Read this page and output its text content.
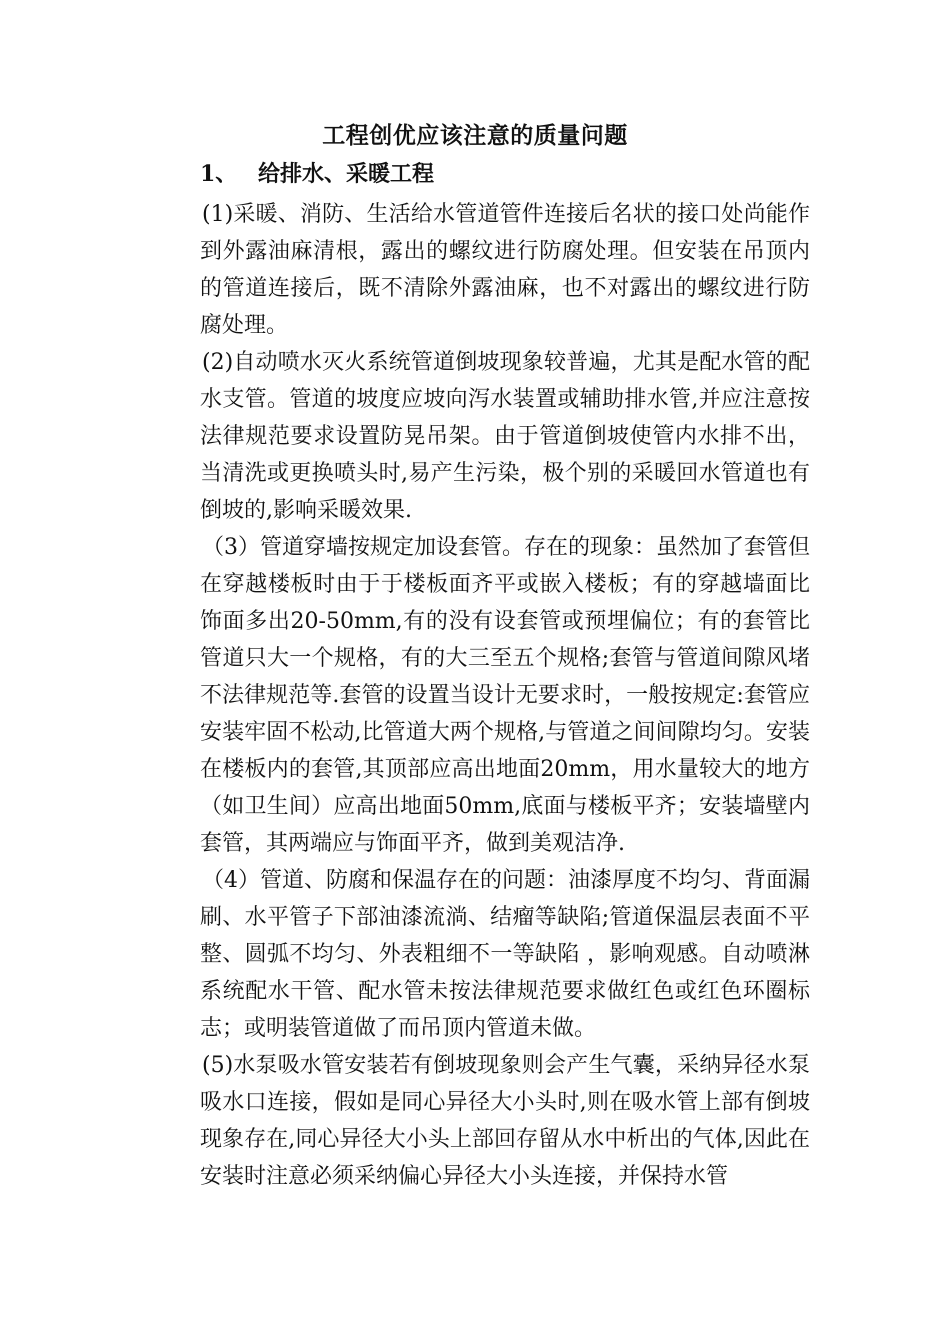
工程创优应该注意的质量问题
1、 给排水、采暖工程

(1)采暖、消防、生活给水管道管件连接后名状的接口处尚能作到外露油麻清根，露出的螺纹进行防腐处理。但安装在吊顶内的管道连接后，既不清除外露油麻，也不对露出的螺纹进行防腐处理。

(2)自动喷水灭火系统管道倒坡现象较普遍，尤其是配水管的配水支管。管道的坡度应坡向泻水装置或辅助排水管,并应注意按法律规范要求设置防晃吊架。由于管道倒坡使管内水排不出，当清洗或更换喷头时,易产生污染，极个别的采暖回水管道也有倒坡的,影响采暖效果.

（3）管道穿墙按规定加设套管。存在的现象：虽然加了套管但在穿越楼板时由于于楼板面齐平或嵌入楼板；有的穿越墙面比饰面多出20-50mm,有的没有设套管或预埋偏位；有的套管比管道只大一个规格，有的大三至五个规格;套管与管道间隙风堵不法律规范等.套管的设置当设计无要求时，一般按规定:套管应安装牢固不松动,比管道大两个规格,与管道之间间隙均匀。安装在楼板内的套管,其顶部应高出地面20mm，用水量较大的地方（如卫生间）应高出地面50mm,底面与楼板平齐；安装墙壁内套管，其两端应与饰面平齐，做到美观洁净.

（4）管道、防腐和保温存在的问题：油漆厚度不均匀、背面漏刷、水平管子下部油漆流淌、结瘤等缺陷;管道保温层表面不平整、圆弧不均匀、外表粗细不一等缺陷 ，影响观感。自动喷淋系统配水干管、配水管未按法律规范要求做红色或红色环圈标志；或明装管道做了而吊顶内管道未做。

(5)水泵吸水管安装若有倒坡现象则会产生气囊，采纳异径水泵吸水口连接，假如是同心异径大小头时,则在吸水管上部有倒坡现象存在,同心异径大小头上部回存留从水中析出的气体,因此在安装时注意必须采纳偏心异径大小头连接，并保持水管
